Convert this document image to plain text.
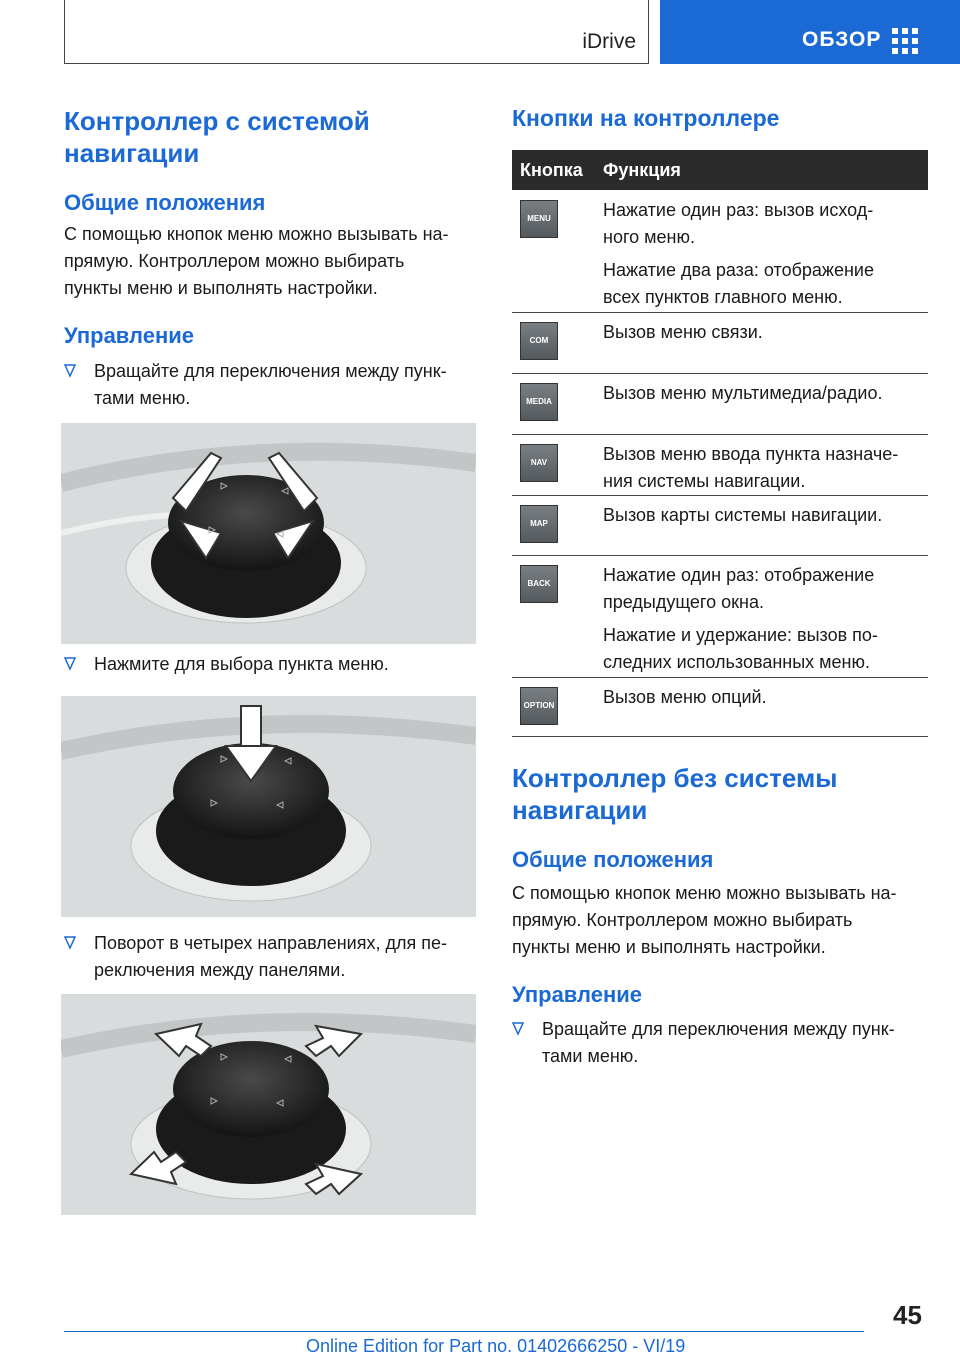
iDrive	ОБЗОР
Контроллер с системой
навигации
Общие положения
С помощью кнопок меню можно вызывать на-
прямую. Контроллером можно выбирать
пункты меню и выполнять настройки.
Управление
Вращайте для переключения между пунк-
тами меню.
Нажмите для выбора пункта меню.
Поворот в четырех направлениях, для пе-
реключения между панелями.
Кнопки на контроллере
Кнопка Функция
MENU	Нажатие один раз: вызов исход-
ного меню.
Нажатие два раза: отображение
всех пунктов главного меню.
COM	Вызов меню связи.
MEDIA	Вызов меню мультимедиа/радио.
NAV	Вызов меню ввода пункта назначе-
ния системы навигации.
MAP	Вызов карты системы навигации.
BACK	Нажатие один раз: отображение
предыдущего окна.
Нажатие и удержание: вызов по-
следних использованных меню.
OPTION	Вызов меню опций.
Контроллер без системы
навигации
Общие положения
С помощью кнопок меню можно вызывать на-
прямую. Контроллером можно выбирать
пункты меню и выполнять настройки.
Управление
Вращайте для переключения между пунк-
тами меню.
45
Online Edition for Part no. 01402666250 - VI/19
